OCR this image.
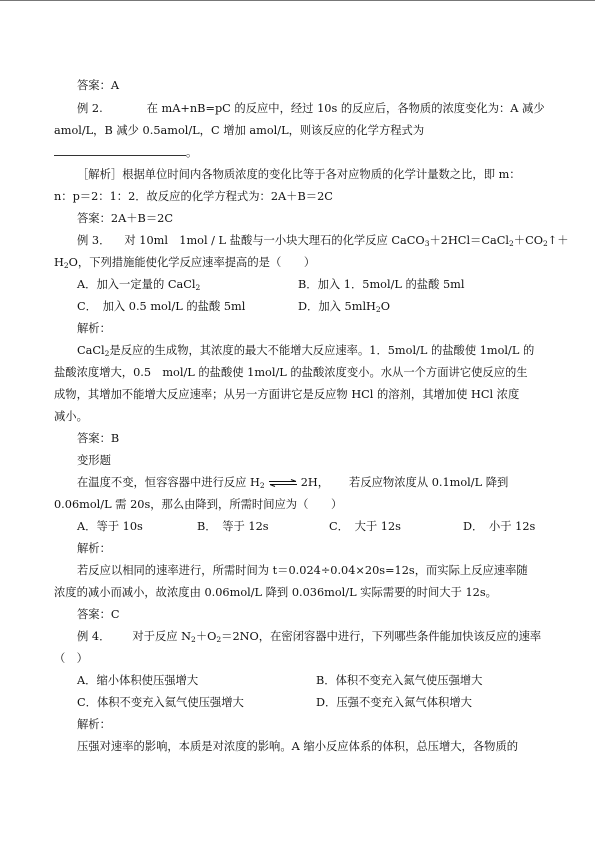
答案：A
例 2.	在 mA+nB=pC 的反应中，经过 10s 的反应后，各物质的浓度变化为：A 减少
amol/L，B 减少 0.5amol/L，C 增加 amol/L，则该反应的化学方程式为
。
［解析］根据单位时间内各物质浓度的变化比等于各对应物质的化学计量数之比，即 m：
n：p＝2：1：2．故反应的化学方程式为：2A＋B＝2C
答案：2A＋B＝2C
例 3． 对 10ml　1mol / L 盐酸与一小块大理石的化学反应 $CaCO_3+2HCl=CaCl_2+CO_2↑+$
$H_2O$，下列措施能使化学反应速率提高的是（　　）
A．加入一定量的 CaCl$_2$	B．加入 1．5mol/L 的盐酸 5ml
C．　加入 0.5 mol/L 的盐酸 5ml	D．加入 5mlH$_2$O
解析：
CaCl$_2$是反应的生成物，其浓度的最大不能增大反应速率。1．5mol/L 的盐酸使 1mol/L 的
盐酸浓度增大，0.5　mol/L 的盐酸使 1mol/L 的盐酸浓度变小。水从一个方面讲它使反应的生
成物，其增加不能增大反应速率；从另一方面讲它是反应物 HCl 的溶剂，其增加使 HCl 浓度
减小。
答案：B
变形题
在温度不变，恒容容器中进行反应 $H_2$ ⇌ 2H， 若反应物浓度从 0.1mol/L 降到
0.06mol/L 需 20s，那么由降到，所需时间应为（　　）
A．等于 10s	B．　等于 12s	C．　大于 12s	D．　小于 12s
解析：
若反应以相同的速率进行，所需时间为 t＝0.024÷0.04×20s=12s，而实际上反应速率随
浓度的减小而减小，故浓度由 0.06mol/L 降到 0.036mol/L 实际需要的时间大于 12s。
答案：C
例 4． 对于反应 $N_2+O_2=2NO$，在密闭容器中进行，下列哪些条件能加快该反应的速率
（　）
A．缩小体积使压强增大	B．体积不变充入氮气使压强增大
C．体积不变充入氦气使压强增大	D．压强不变充入氮气体积增大
解析：
压强对速率的影响，本质是对浓度的影响。A 缩小反应体系的体积，总压增大，各物质的
